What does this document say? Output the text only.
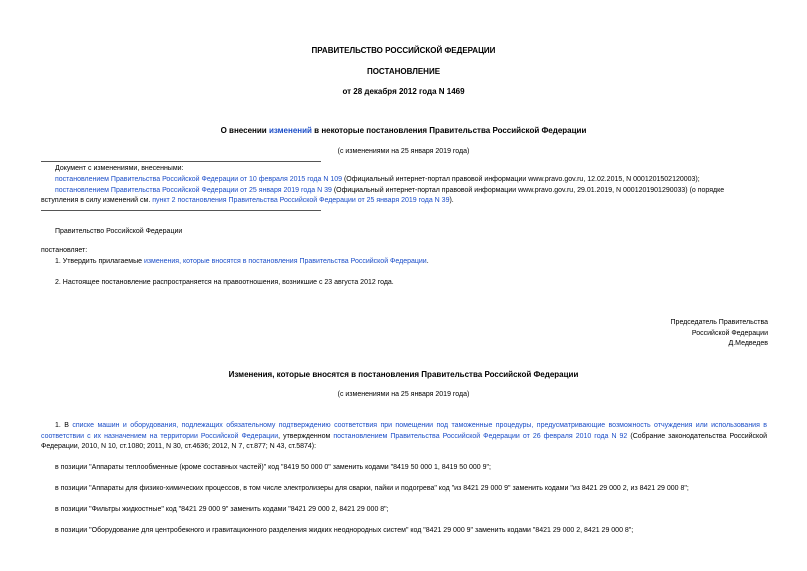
ПРАВИТЕЛЬСТВО РОССИЙСКОЙ ФЕДЕРАЦИИ
ПОСТАНОВЛЕНИЕ
от 28 декабря 2012 года N 1469
О внесении изменений в некоторые постановления Правительства Российской Федерации
(с изменениями на 25 января 2019 года)
Документ с изменениями, внесенными:
постановлением Правительства Российской Федерации от 10 февраля 2015 года N 109 (Официальный интернет-портал правовой информации www.pravo.gov.ru, 12.02.2015, N 0001201502120003);
постановлением Правительства Российской Федерации от 25 января 2019 года N 39 (Официальный интернет-портал правовой информации www.pravo.gov.ru, 29.01.2019, N 0001201901290033) (о порядке
вступления в силу изменений см. пункт 2 постановления Правительства Российской Федерации от 25 января 2019 года N 39).
Правительство Российской Федерации
постановляет:
1. Утвердить прилагаемые изменения, которые вносятся в постановления Правительства Российской Федерации.
2. Настоящее постановление распространяется на правоотношения, возникшие с 23 августа 2012 года.
Председатель Правительства
Российской Федерации
Д.Медведев
Изменения, которые вносятся в постановления Правительства Российской Федерации
(с изменениями на 25 января 2019 года)
1. В списке машин и оборудования, подлежащих обязательному подтверждению соответствия при помещении под таможенные процедуры, предусматривающие возможность отчуждения или использования в соответствии с их назначением на территории Российской Федерации, утвержденном постановлением Правительства Российской Федерации от 26 февраля 2010 года N 92 (Собрание законодательства Российской Федерации, 2010, N 10, ст.1080; 2011, N 30, ст.4636; 2012, N 7, ст.877; N 43, ст.5874):
в позиции "Аппараты теплообменные (кроме составных частей)" код "8419 50 000 0" заменить кодами "8419 50 000 1, 8419 50 000 9";
в позиции "Аппараты для физико-химических процессов, в том числе электролизеры для сварки, пайки и подогрева" код "из 8421 29 000 9" заменить кодами "из 8421 29 000 2, из 8421 29 000 8";
в позиции "Фильтры жидкостные" код "8421 29 000 9" заменить кодами "8421 29 000 2, 8421 29 000 8";
в позиции "Оборудование для центробежного и гравитационного разделения жидких неоднородных систем" код "8421 29 000 9" заменить кодами "8421 29 000 2, 8421 29 000 8";
